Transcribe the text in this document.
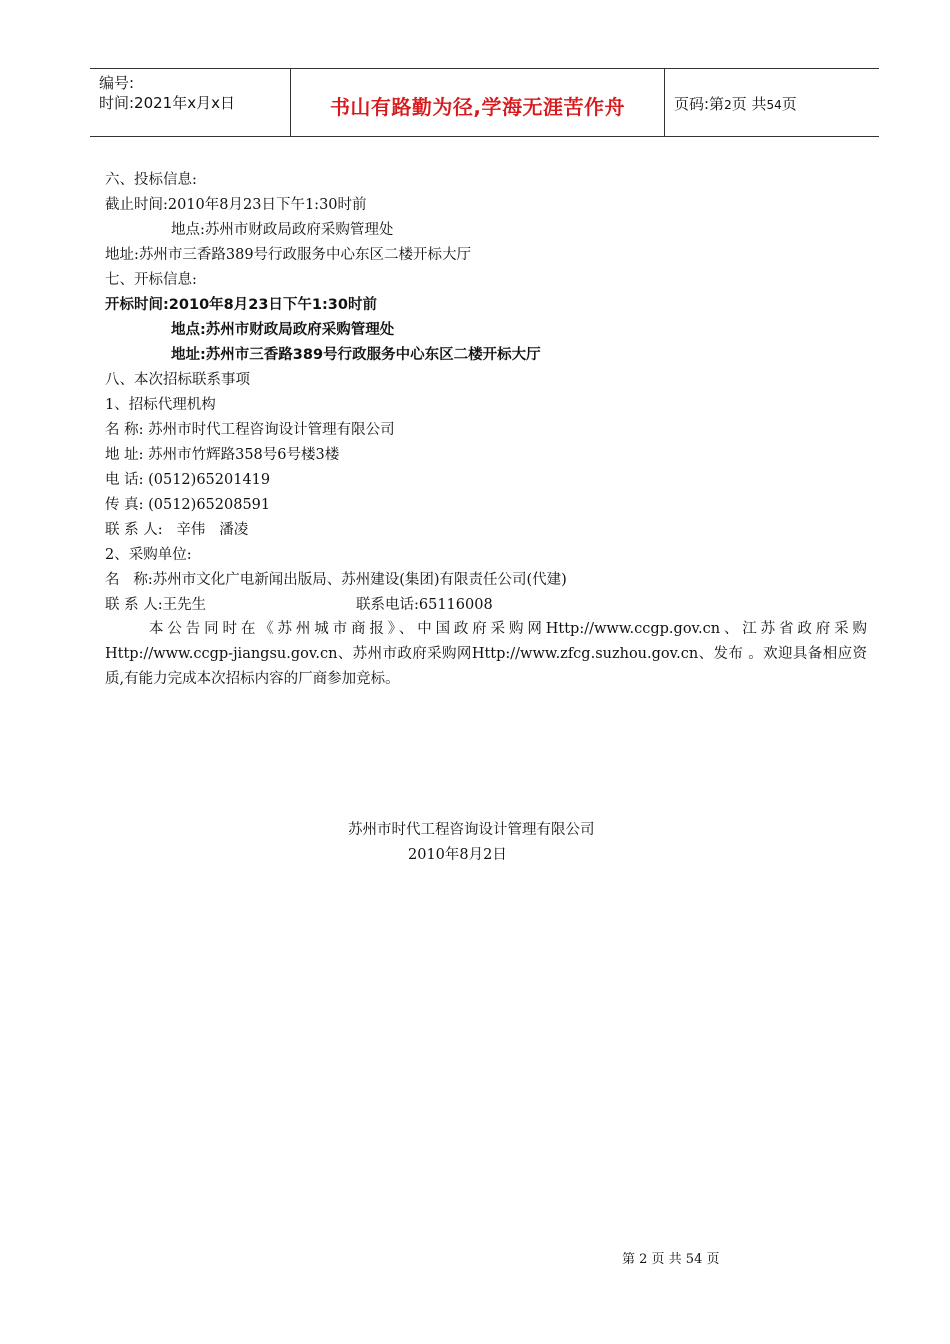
编号:
时间:2021年x月x日	书山有路勤为径,学海无涯苦作舟	页码:第2页 共54页
六、投标信息:
截止时间:2010年8月23日下午1:30时前
地点:苏州市财政局政府采购管理处
地址:苏州市三香路389号行政服务中心东区二楼开标大厅
七、开标信息:
开标时间:2010年8月23日下午1:30时前
地点:苏州市财政局政府采购管理处
地址:苏州市三香路389号行政服务中心东区二楼开标大厅
八、本次招标联系事项
1、招标代理机构
名 称: 苏州市时代工程咨询设计管理有限公司
地 址: 苏州市竹辉路358号6号楼3楼
电 话: (0512)65201419
传 真: (0512)65208591
联 系 人:   辛伟   潘凌
2、采购单位:
名   称:苏州市文化广电新闻出版局、苏州建设(集团)有限责任公司(代建)
联 系 人:王先生	联系电话:65116008
本公告同时在《苏州城市商报》、中国政府采购网Http://www.ccgp.gov.cn、江苏省政府采购Http://www.ccgp-jiangsu.gov.cn、苏州市政府采购网Http://www.zfcg.suzhou.gov.cn、发布 。欢迎具备相应资质,有能力完成本次招标内容的厂商参加竞标。
苏州市时代工程咨询设计管理有限公司
2010年8月2日
第 2 页 共 54 页
